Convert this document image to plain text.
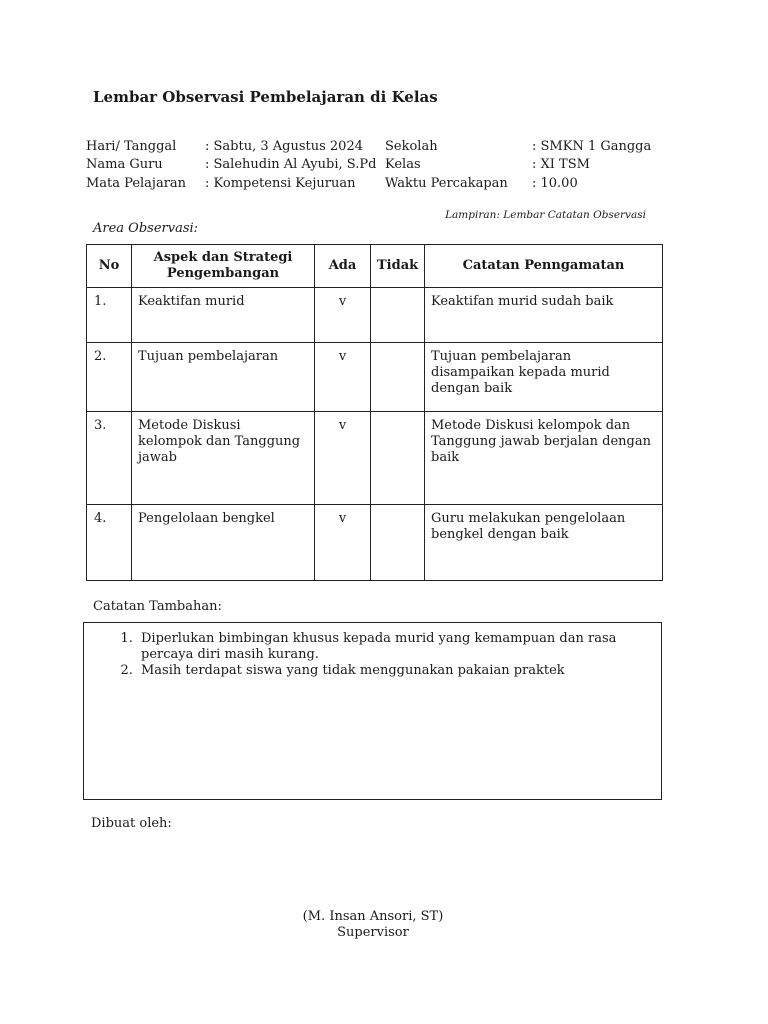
Lembar Observasi Pembelajaran di Kelas
Hari/ Tanggal : Sabtu, 3 Agustus 2024 Sekolah	: SMKN 1 Gangga
Nama Guru	: Salehudin Al Ayubi, S.Pd Kelas	: XI TSM
Mata Pelajaran : Kompetensi Kejuruan Waktu Percakapan : 10.00
Lampiran: Lembar Catatan Observasi
Area Observasi:
No	Aspek dan Strategi Pengembangan	Ada	Tidak	Catatan Penngamatan
1.	Keaktifan murid	v		Keaktifan murid sudah baik
2.	Tujuan pembelajaran	v		Tujuan pembelajaran disampaikan kepada murid dengan baik
3.	Metode Diskusi kelompok dan Tanggung jawab	v		Metode Diskusi kelompok dan Tanggung jawab berjalan dengan baik
4.	Pengelolaan bengkel	v		Guru melakukan pengelolaan bengkel dengan baik
Catatan Tambahan:
1. Diperlukan bimbingan khusus kepada murid yang kemampuan dan rasa percaya diri masih kurang.
2. Masih terdapat siswa yang tidak menggunakan pakaian praktek
Dibuat oleh:
(M. Insan Ansori, ST)
Supervisor
